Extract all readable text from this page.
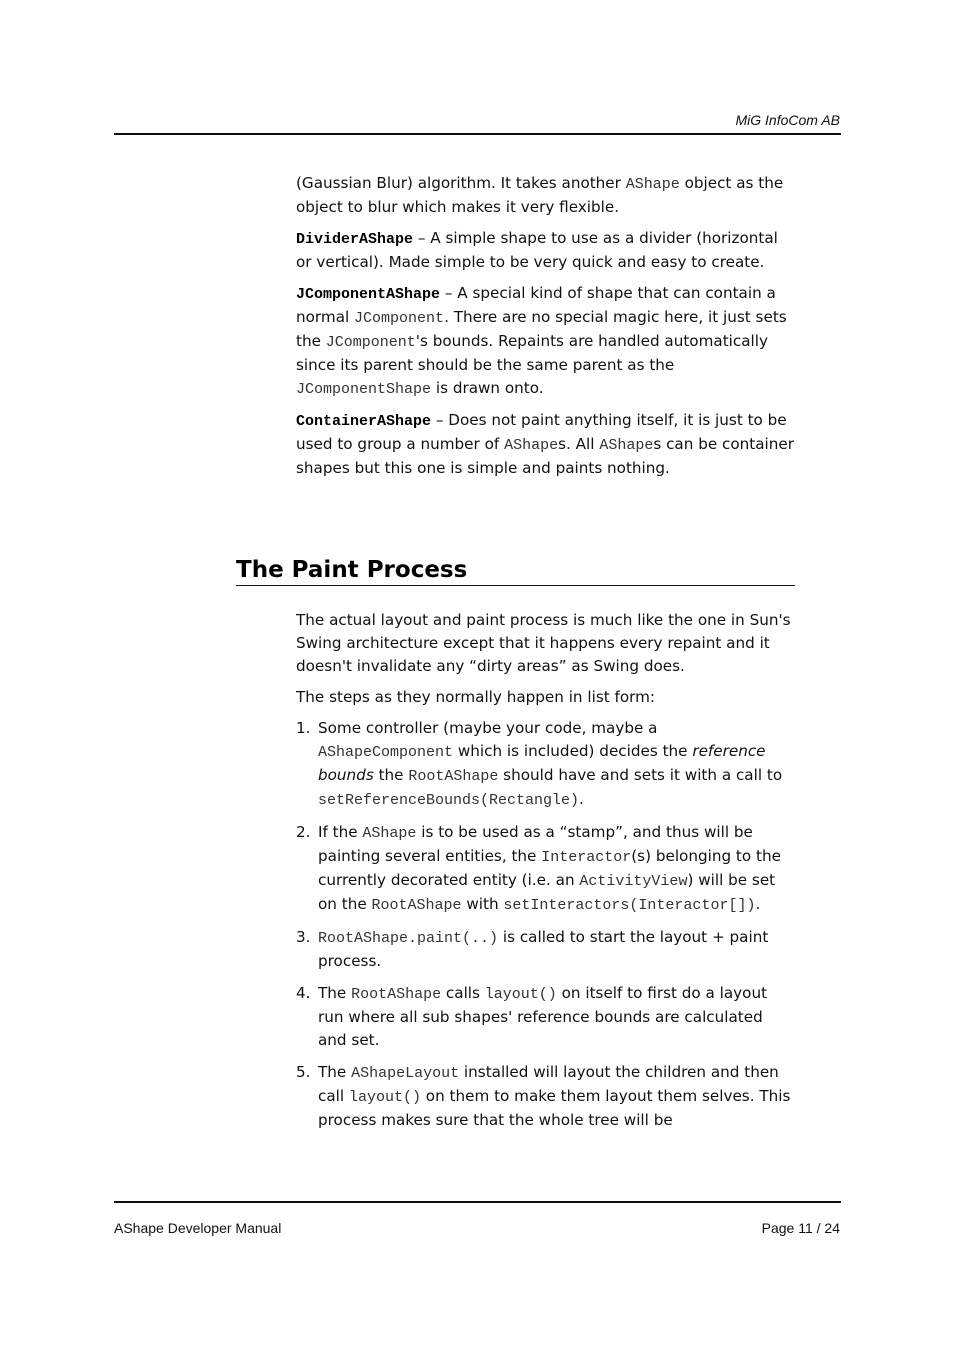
MiG InfoCom AB

(Gaussian Blur) algorithm. It takes another AShape object as the object to blur which makes it very flexible.

DividerAShape – A simple shape to use as a divider (horizontal or vertical). Made simple to be very quick and easy to create.

JComponentAShape – A special kind of shape that can contain a normal JComponent. There are no special magic here, it just sets the JComponent's bounds. Repaints are handled automatically since its parent should be the same parent as the JComponentShape is drawn onto.

ContainerAShape – Does not paint anything itself, it is just to be used to group a number of AShapes. All AShapes can be container shapes but this one is simple and paints nothing.

The Paint Process

The actual layout and paint process is much like the one in Sun's Swing architecture except that it happens every repaint and it doesn't invalidate any “dirty areas” as Swing does.

The steps as they normally happen in list form:

1. Some controller (maybe your code, maybe a AShapeComponent which is included) decides the reference bounds the RootAShape should have and sets it with a call to setReferenceBounds(Rectangle).
2. If the AShape is to be used as a “stamp”, and thus will be painting several entities, the Interactor(s) belonging to the currently decorated entity (i.e. an ActivityView) will be set on the RootAShape with setInteractors(Interactor[]).
3. RootAShape.paint(..) is called to start the layout + paint process.
4. The RootAShape calls layout() on itself to first do a layout run where all sub shapes' reference bounds are calculated and set.
5. The AShapeLayout installed will layout the children and then call layout() on them to make them layout them selves. This process makes sure that the whole tree will be
AShape Developer Manual	Page 11 / 24
